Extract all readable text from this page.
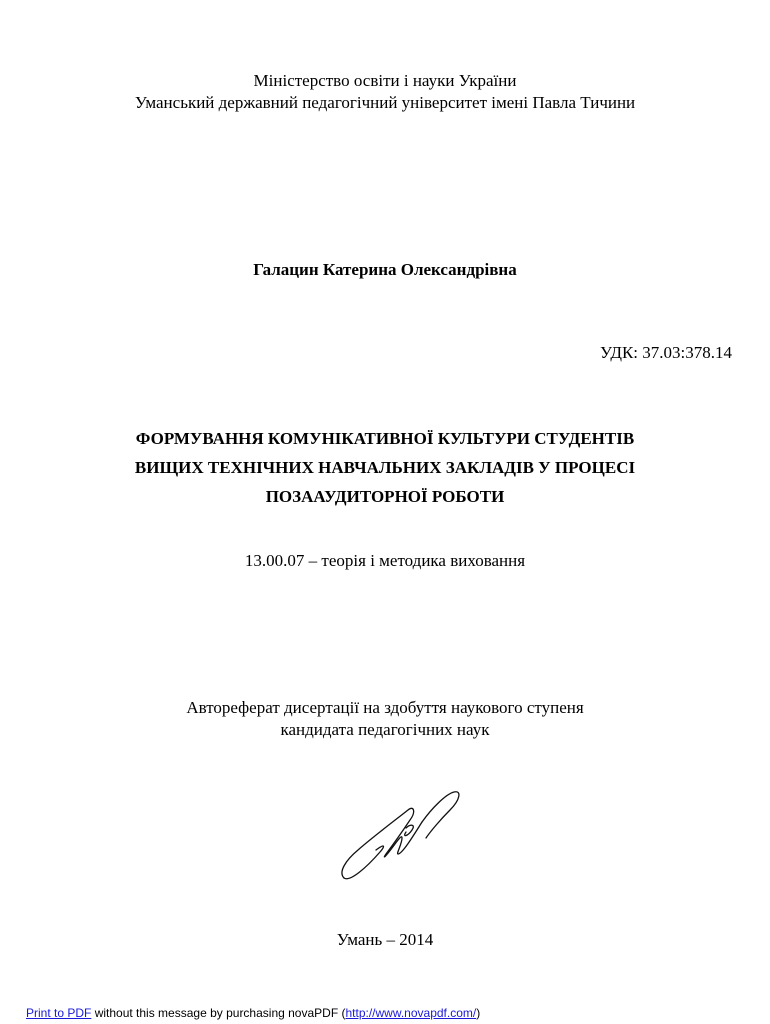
Міністерство освіти і науки України
Уманський державний педагогічний університет імені Павла Тичини
Галацин Катерина Олександрівна
УДК: 37.03:378.14
ФОРМУВАННЯ КОМУНІКАТИВНОЇ КУЛЬТУРИ СТУДЕНТІВ
ВИЩИХ ТЕХНІЧНИХ НАВЧАЛЬНИХ ЗАКЛАДІВ У ПРОЦЕСІ
ПОЗААУДИТОРНОЇ РОБОТИ
13.00.07 – теорія і методика виховання
Автореферат дисертації на здобуття наукового ступеня
кандидата педагогічних наук
Умань – 2014
Print to PDF without this message by purchasing novaPDF (http://www.novapdf.com/)
